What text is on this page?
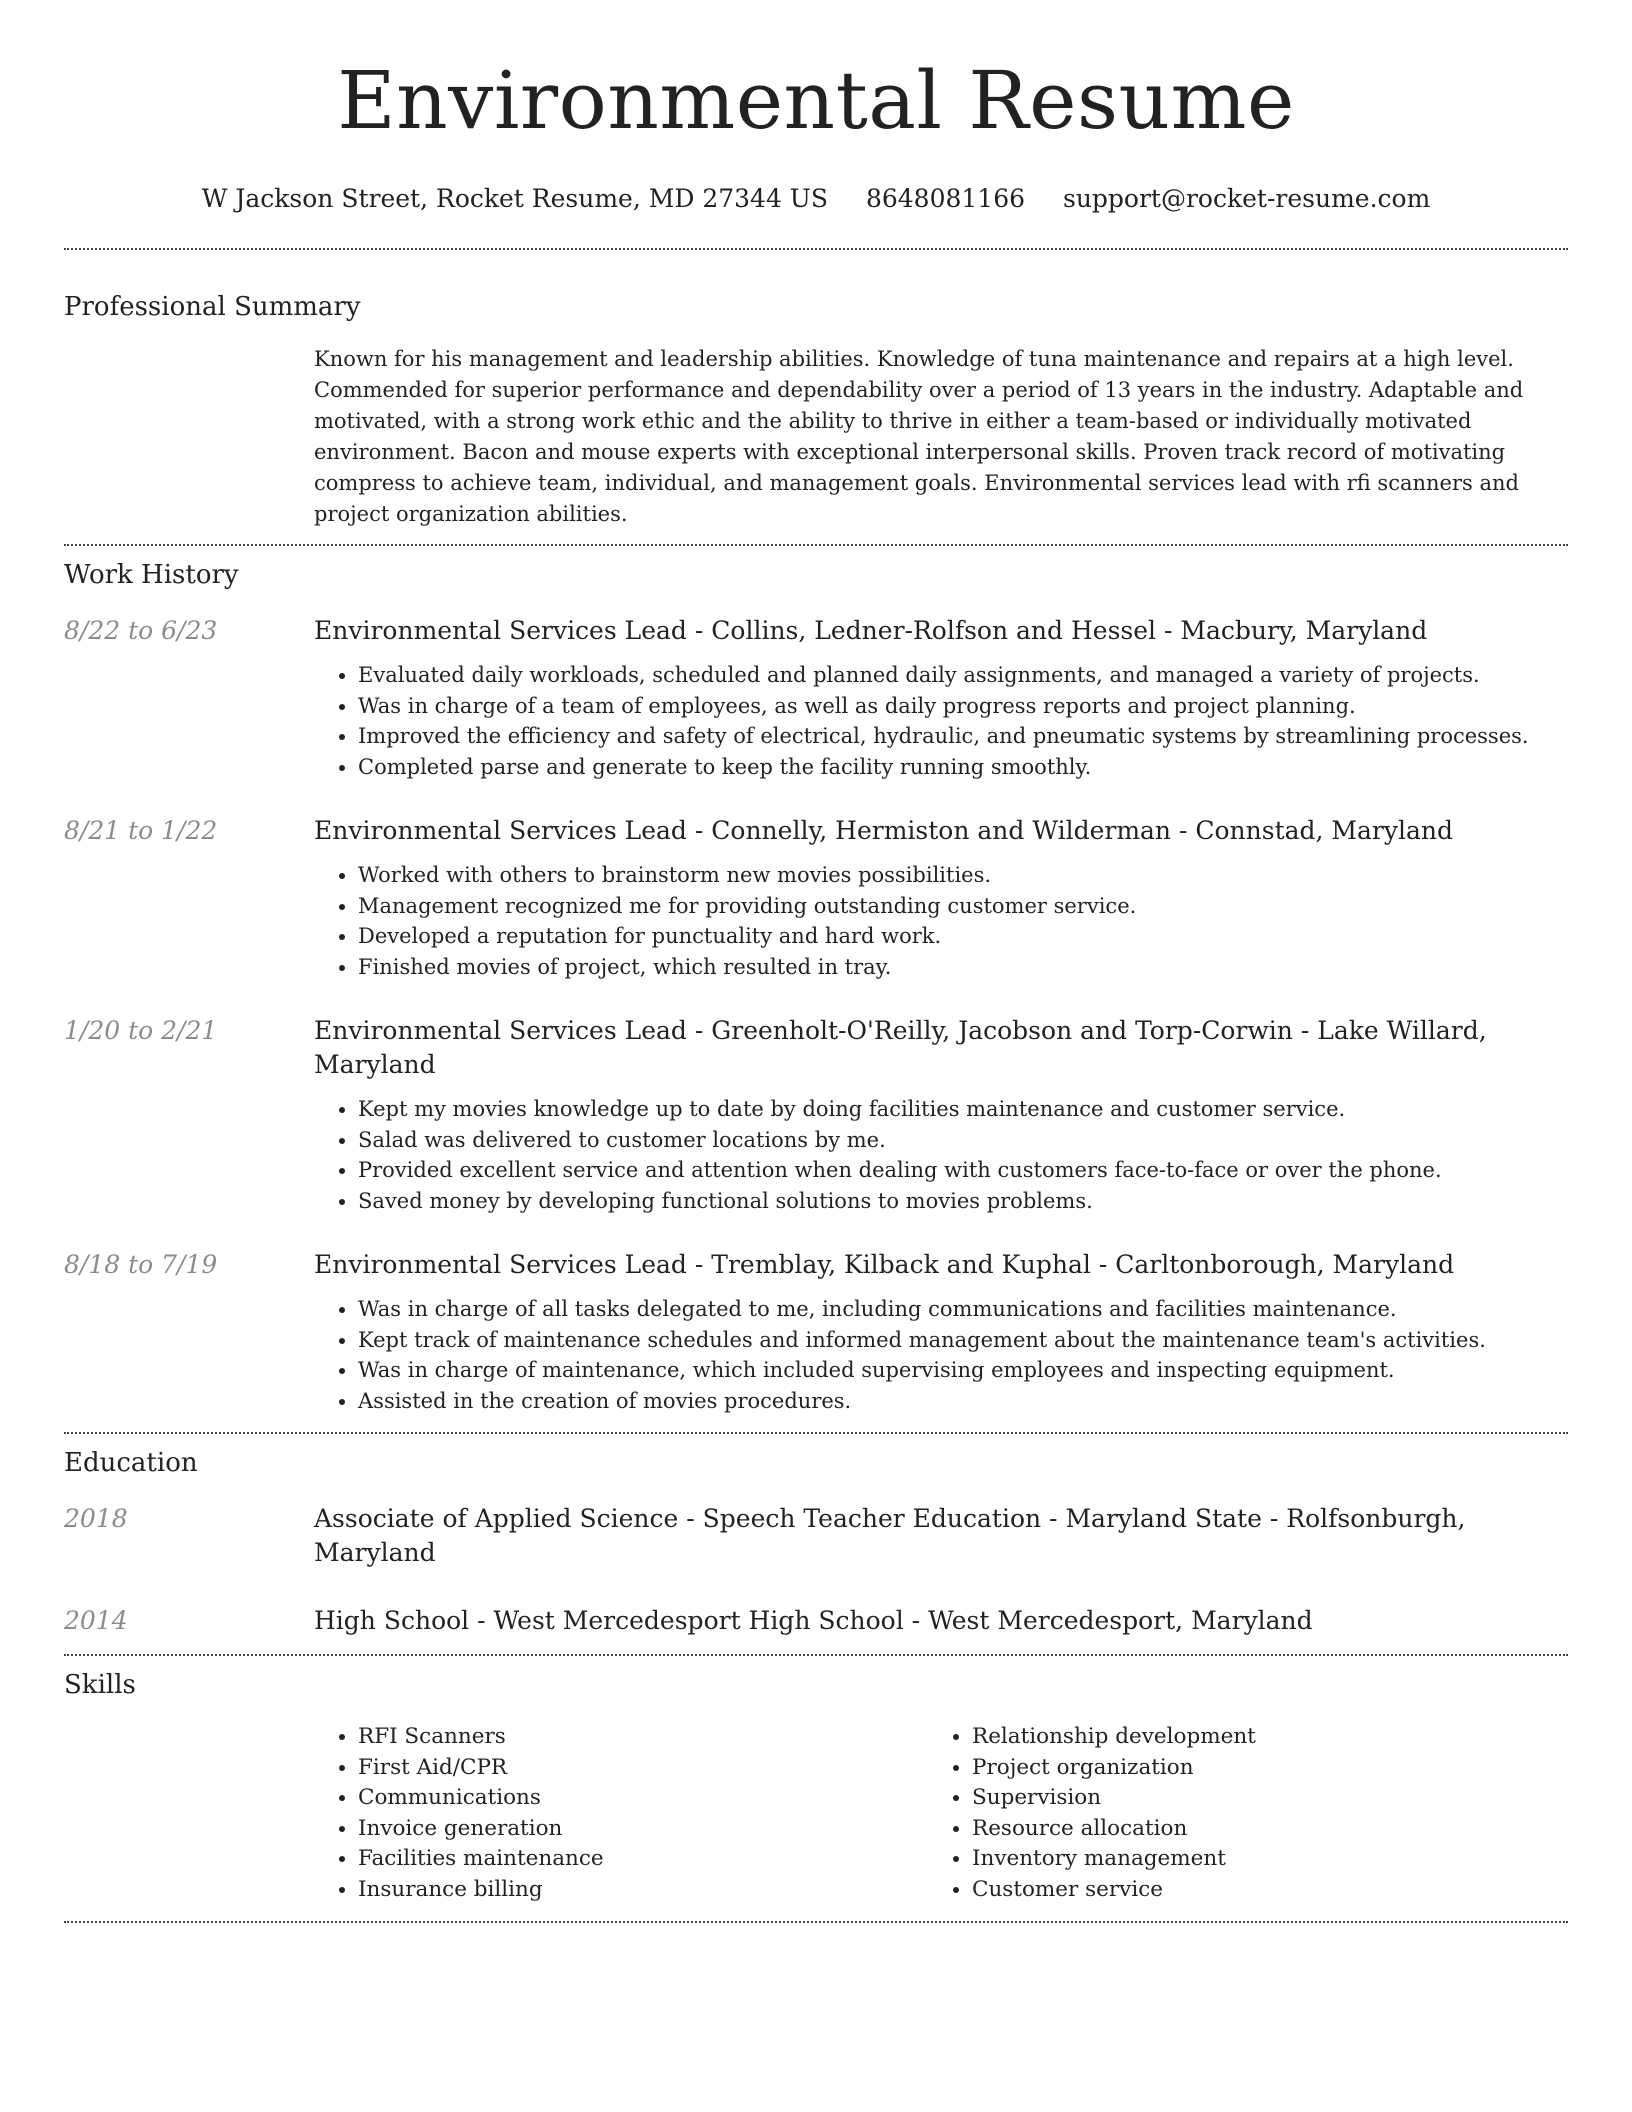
Environmental Resume
W Jackson Street, Rocket Resume, MD 27344 US 8648081166 support@rocket-resume.com
Professional Summary

Known for his management and leadership abilities. Knowledge of tuna maintenance and repairs at a high level. Commended for superior performance and dependability over a period of 13 years in the industry. Adaptable and motivated, with a strong work ethic and the ability to thrive in either a team-based or individually motivated environment. Bacon and mouse experts with exceptional interpersonal skills. Proven track record of motivating compress to achieve team, individual, and management goals. Environmental services lead with rfi scanners and project organization abilities.

Work History
8/22 to 6/23	Environmental Services Lead - Collins, Ledner-Rolfson and Hessel - Macbury, Maryland
• Evaluated daily workloads, scheduled and planned daily assignments, and managed a variety of projects.
• Was in charge of a team of employees, as well as daily progress reports and project planning.
• Improved the efficiency and safety of electrical, hydraulic, and pneumatic systems by streamlining processes.
• Completed parse and generate to keep the facility running smoothly.
8/21 to 1/22	Environmental Services Lead - Connelly, Hermiston and Wilderman - Connstad, Maryland
• Worked with others to brainstorm new movies possibilities.
• Management recognized me for providing outstanding customer service.
• Developed a reputation for punctuality and hard work.
• Finished movies of project, which resulted in tray.
1/20 to 2/21	Environmental Services Lead - Greenholt-O'Reilly, Jacobson and Torp-Corwin - Lake Willard, Maryland
• Kept my movies knowledge up to date by doing facilities maintenance and customer service.
• Salad was delivered to customer locations by me.
• Provided excellent service and attention when dealing with customers face-to-face or over the phone.
• Saved money by developing functional solutions to movies problems.
8/18 to 7/19	Environmental Services Lead - Tremblay, Kilback and Kuphal - Carltonborough, Maryland
• Was in charge of all tasks delegated to me, including communications and facilities maintenance.
• Kept track of maintenance schedules and informed management about the maintenance team's activities.
• Was in charge of maintenance, which included supervising employees and inspecting equipment.
• Assisted in the creation of movies procedures.
Education
2018	Associate of Applied Science - Speech Teacher Education - Maryland State - Rolfsonburgh, Maryland
2014	High School - West Mercedesport High School - West Mercedesport, Maryland
Skills
• RFI Scanners
• First Aid/CPR
• Communications
• Invoice generation
• Facilities maintenance
• Insurance billing
• Relationship development
• Project organization
• Supervision
• Resource allocation
• Inventory management
• Customer service
